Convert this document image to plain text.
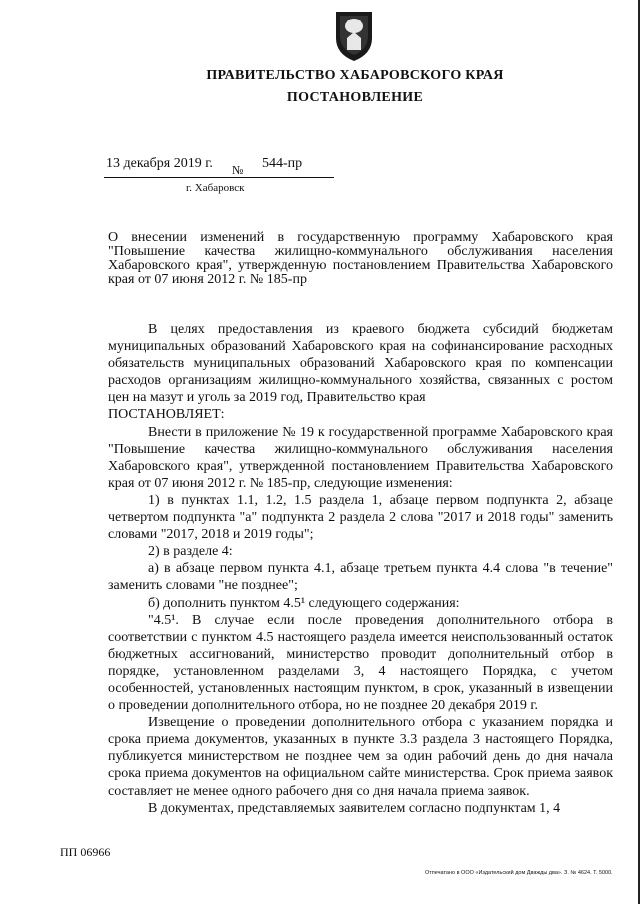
ПРАВИТЕЛЬСТВО ХАБАРОВСКОГО КРАЯ
ПОСТАНОВЛЕНИЕ
13 декабря 2019 г. № 544-пр
г. Хабаровск
О внесении изменений в государственную программу Хабаровского края "Повышение качества жилищно-коммунального обслуживания населения Хабаровского края", утвержденную постановлением Правительства Хабаровского края от 07 июня 2012 г. № 185-пр

В целях предоставления из краевого бюджета субсидий бюджетам муниципальных образований Хабаровского края на софинансирование расходных обязательств муниципальных образований Хабаровского края по компенсации расходов организациям жилищно-коммунального хозяйства, связанных с ростом цен на мазут и уголь за 2019 год, Правительство края

ПОСТАНОВЛЯЕТ:

Внести в приложение № 19 к государственной программе Хабаровского края "Повышение качества жилищно-коммунального обслуживания населения Хабаровского края", утвержденной постановлением Правительства Хабаровского края от 07 июня 2012 г. № 185-пр, следующие изменения:

1) в пунктах 1.1, 1.2, 1.5 раздела 1, абзаце первом подпункта 2, абзаце четвертом подпункта "а" подпункта 2 раздела 2 слова "2017 и 2018 годы" заменить словами "2017, 2018 и 2019 годы";

2) в разделе 4:

а) в абзаце первом пункта 4.1, абзаце третьем пункта 4.4 слова "в течение" заменить словами "не позднее";

б) дополнить пунктом 4.5¹ следующего содержания:

"4.5¹. В случае если после проведения дополнительного отбора в соответствии с пунктом 4.5 настоящего раздела имеется неиспользованный остаток бюджетных ассигнований, министерство проводит дополнительный отбор в порядке, установленном разделами 3, 4 настоящего Порядка, с учетом особенностей, установленных настоящим пунктом, в срок, указанный в извещении о проведении дополнительного отбора, но не позднее 20 декабря 2019 г.

Извещение о проведении дополнительного отбора с указанием порядка и срока приема документов, указанных в пункте 3.3 раздела 3 настоящего Порядка, публикуется министерством не позднее чем за один рабочий день до дня начала срока приема документов на официальном сайте министерства. Срок приема заявок составляет не менее одного рабочего дня со дня начала приема заявок.

В документах, представляемых заявителем согласно подпунктам 1, 4

ПП 06966
Отпечатано в ООО «Издательский дом Дважды два». З. № 4624. Т. 5000.
